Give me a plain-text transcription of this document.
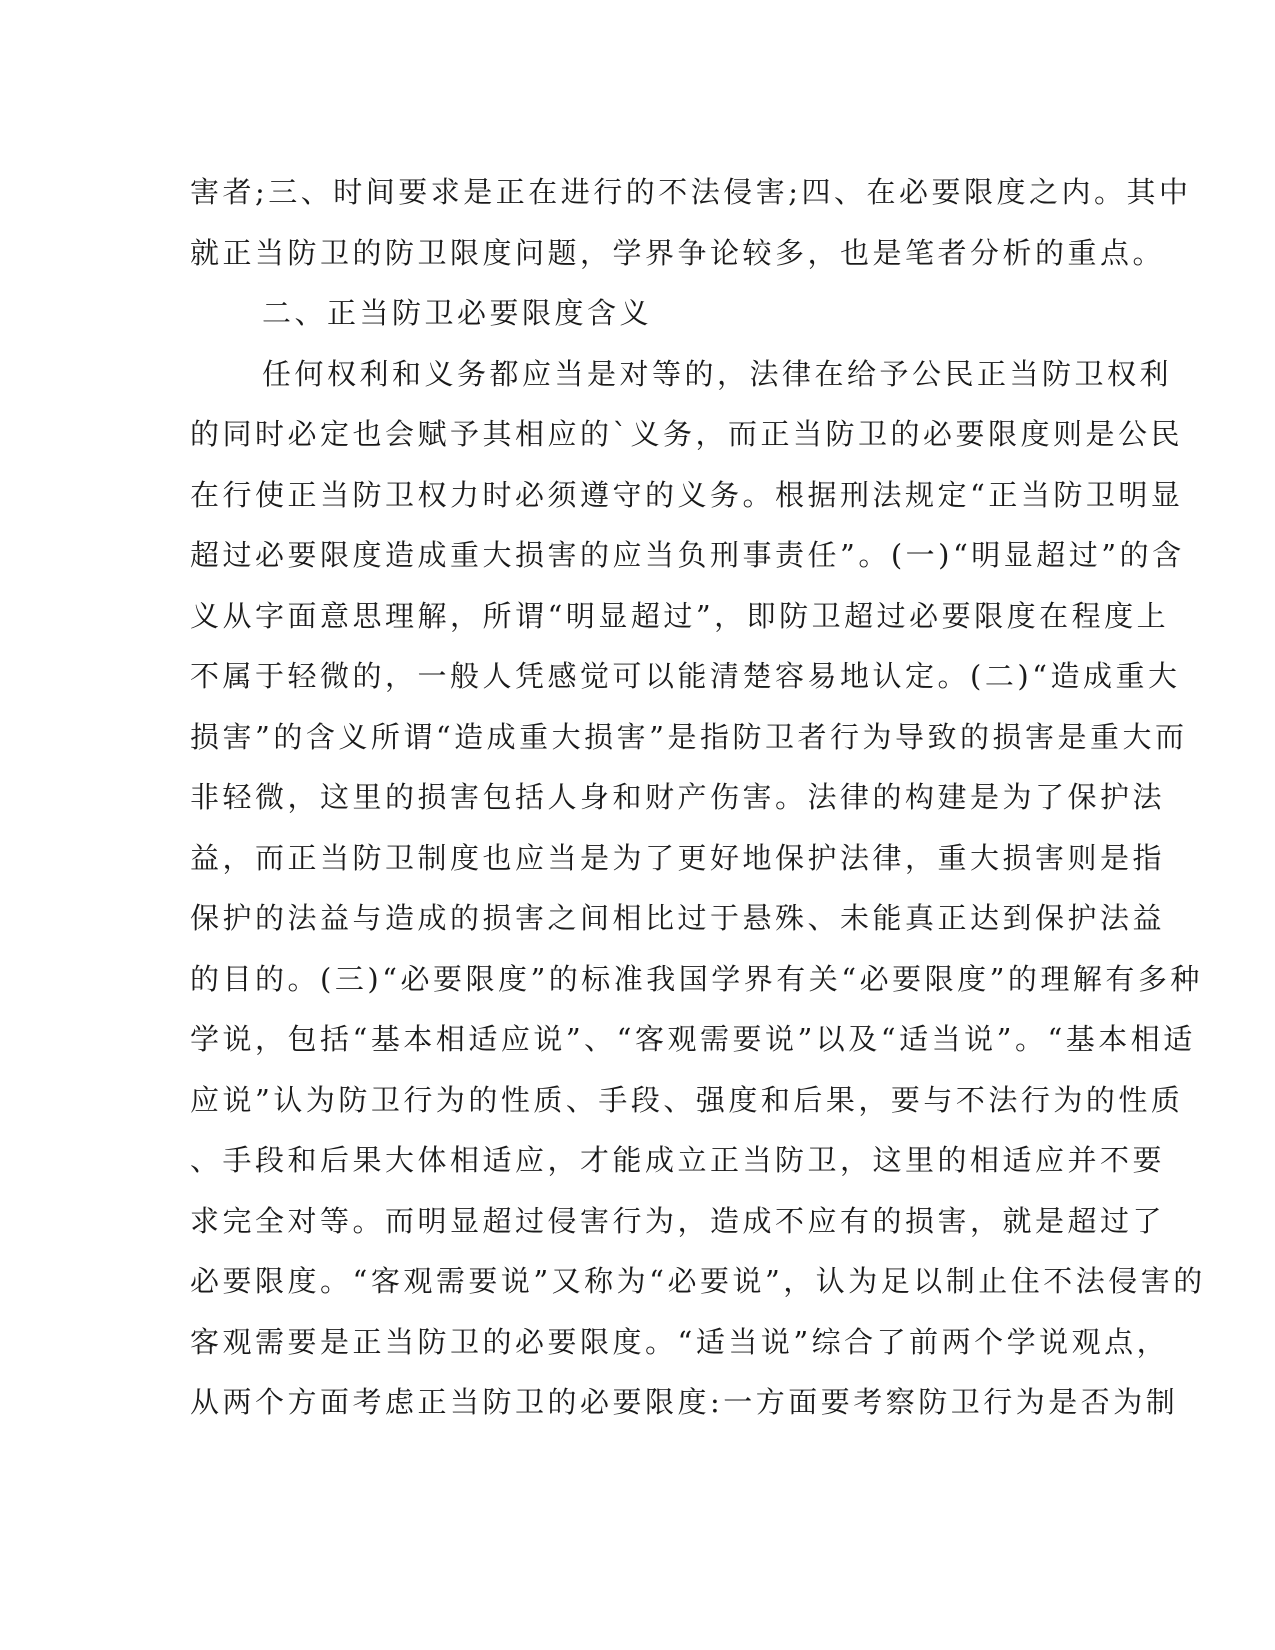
害者;三、时间要求是正在进行的不法侵害;四、在必要限度之内。其中
就正当防卫的防卫限度问题，学界争论较多，也是笔者分析的重点。
二、正当防卫必要限度含义
任何权利和义务都应当是对等的，法律在给予公民正当防卫权利
的同时必定也会赋予其相应的`义务，而正当防卫的必要限度则是公民
在行使正当防卫权力时必须遵守的义务。根据刑法规定“正当防卫明显
超过必要限度造成重大损害的应当负刑事责任”。(一)“明显超过”的含
义从字面意思理解，所谓“明显超过”，即防卫超过必要限度在程度上
不属于轻微的，一般人凭感觉可以能清楚容易地认定。(二)“造成重大
损害”的含义所谓“造成重大损害”是指防卫者行为导致的损害是重大而
非轻微，这里的损害包括人身和财产伤害。法律的构建是为了保护法
益，而正当防卫制度也应当是为了更好地保护法律，重大损害则是指
保护的法益与造成的损害之间相比过于悬殊、未能真正达到保护法益
的目的。(三)“必要限度”的标准我国学界有关“必要限度”的理解有多种
学说，包括“基本相适应说”、“客观需要说”以及“适当说”。“基本相适
应说”认为防卫行为的性质、手段、强度和后果，要与不法行为的性质
、手段和后果大体相适应，才能成立正当防卫，这里的相适应并不要
求完全对等。而明显超过侵害行为，造成不应有的损害，就是超过了
必要限度。“客观需要说”又称为“必要说”，认为足以制止住不法侵害的
客观需要是正当防卫的必要限度。“适当说”综合了前两个学说观点，
从两个方面考虑正当防卫的必要限度:一方面要考察防卫行为是否为制
